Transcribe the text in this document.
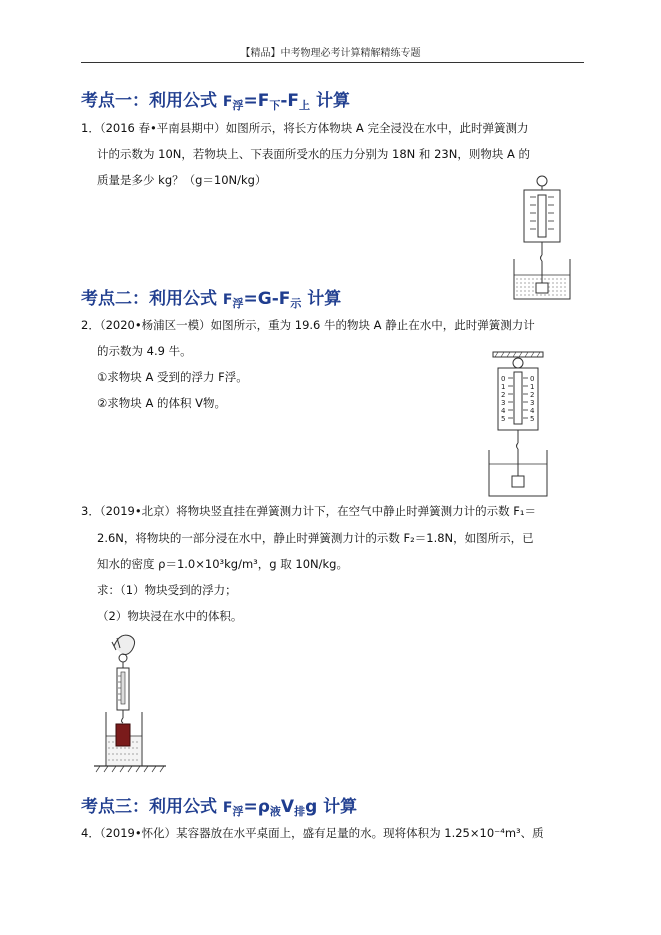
【精品】中考物理必考计算精解精练专题
考点一：利用公式 $F_浮=F_下-F_上$ 计算
1．（2016 春•平南县期中）如图所示，将长方体物块 A 完全浸没在水中，此时弹簧测力
计的示数为 10N，若物块上、下表面所受水的压力分别为 18N 和 23N，则物块 A 的
质量是多少 kg？（g＝10N/kg）
考点二：利用公式 $F_浮=G-F_示$ 计算
2．（2020•杨浦区一模）如图所示，重为 19.6 牛的物块 A 静止在水中，此时弹簧测力计
的示数为 4.9 牛。
①求物块 A 受到的浮力 F浮。
②求物块 A 的体积 V物。
0
1
2
3
4
5
0
1
2
3
4
5
3．（2019•北京）将物块竖直挂在弹簧测力计下，在空气中静止时弹簧测力计的示数 F₁＝
2.6N，将物块的一部分浸在水中，静止时弹簧测力计的示数 F₂＝1.8N，如图所示，已
知水的密度 ρ＝1.0×10³kg/m³，g 取 10N/kg。
求：（1）物块受到的浮力；
（2）物块浸在水中的体积。
考点三：利用公式 $F_浮=\rho_液V_排g$ 计算
4．（2019•怀化）某容器放在水平桌面上，盛有足量的水。现将体积为 1.25×10⁻⁴m³、质
